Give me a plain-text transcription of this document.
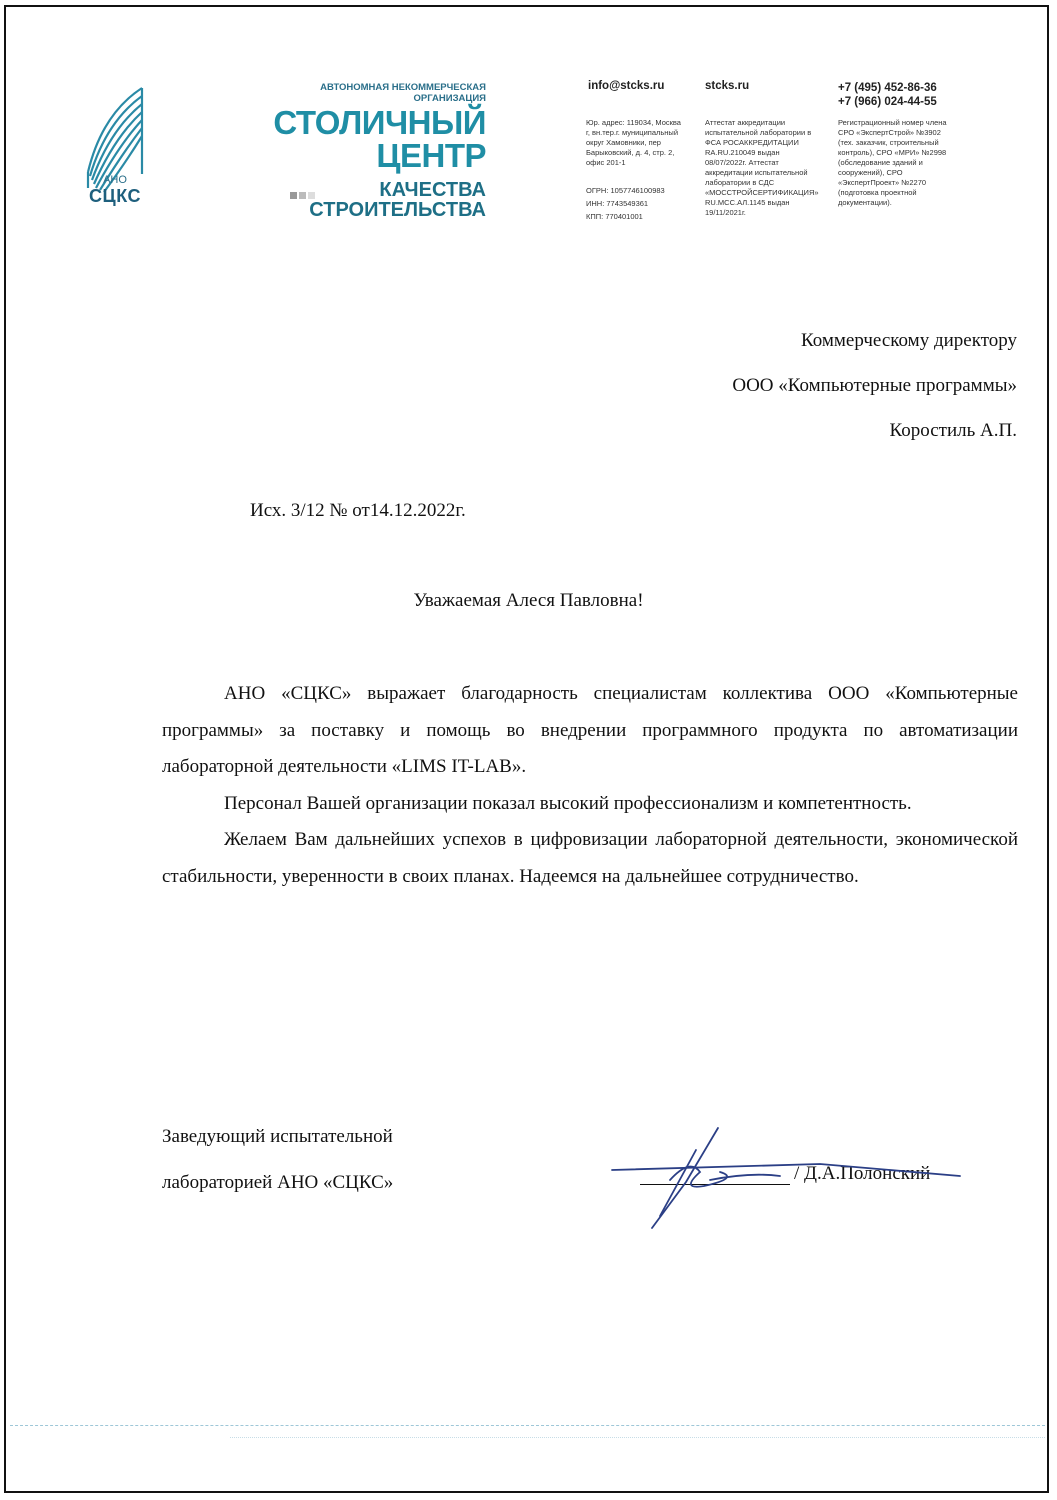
АНО
СЦКС
АВТОНОМНАЯ НЕКОММЕРЧЕСКАЯ ОРГАНИЗАЦИЯ
СТОЛИЧНЫЙ
ЦЕНТР
КАЧЕСТВА
СТРОИТЕЛЬСТВА
info@stcks.ru	stcks.ru	+7 (495) 452-86-36
+7 (966) 024-44-55
Юр. адрес: 119034, Москва г, вн.тер.г. муниципальный округ Хамовники, пер Барыковский, д. 4, стр. 2, офис 201-1
ОГРН: 1057746100983
ИНН: 7743549361
КПП: 770401001
Аттестат аккредитации испытательной лаборатории в ФСА РОСАККРЕДИТАЦИИ RA.RU.210049 выдан 08/07/2022г. Аттестат аккредитации испытательной лаборатории в СДС «МОССТРОЙСЕРТИФИКАЦИЯ» RU.МСС.АЛ.1145 выдан 19/11/2021г.
Регистрационный номер члена СРО «ЭкспертСтрой» №3902 (тех. заказчик, строительный контроль), СРО «МРИ» №2998 (обследование зданий и сооружений), СРО «ЭкспертПроект» №2270 (подготовка проектной документации).
Коммерческому директору
ООО «Компьютерные программы»
Коростиль А.П.
Исх. 3/12 № от14.12.2022г.
Уважаемая Алеся Павловна!

АНО «СЦКС» выражает благодарность специалистам коллектива ООО «Компьютерные программы» за поставку и помощь во внедрении программного продукта по автоматизации лабораторной деятельности «LIMS IT-LAB».

Персонал Вашей организации показал высокий профессионализм и компетентность.

Желаем Вам дальнейших успехов в цифровизации лабораторной деятельности, экономической стабильности, уверенности в своих планах. Надеемся на дальнейшее сотрудничество.

Заведующий испытательной
лабораторией АНО «СЦКС»	/ Д.А.Полонский
